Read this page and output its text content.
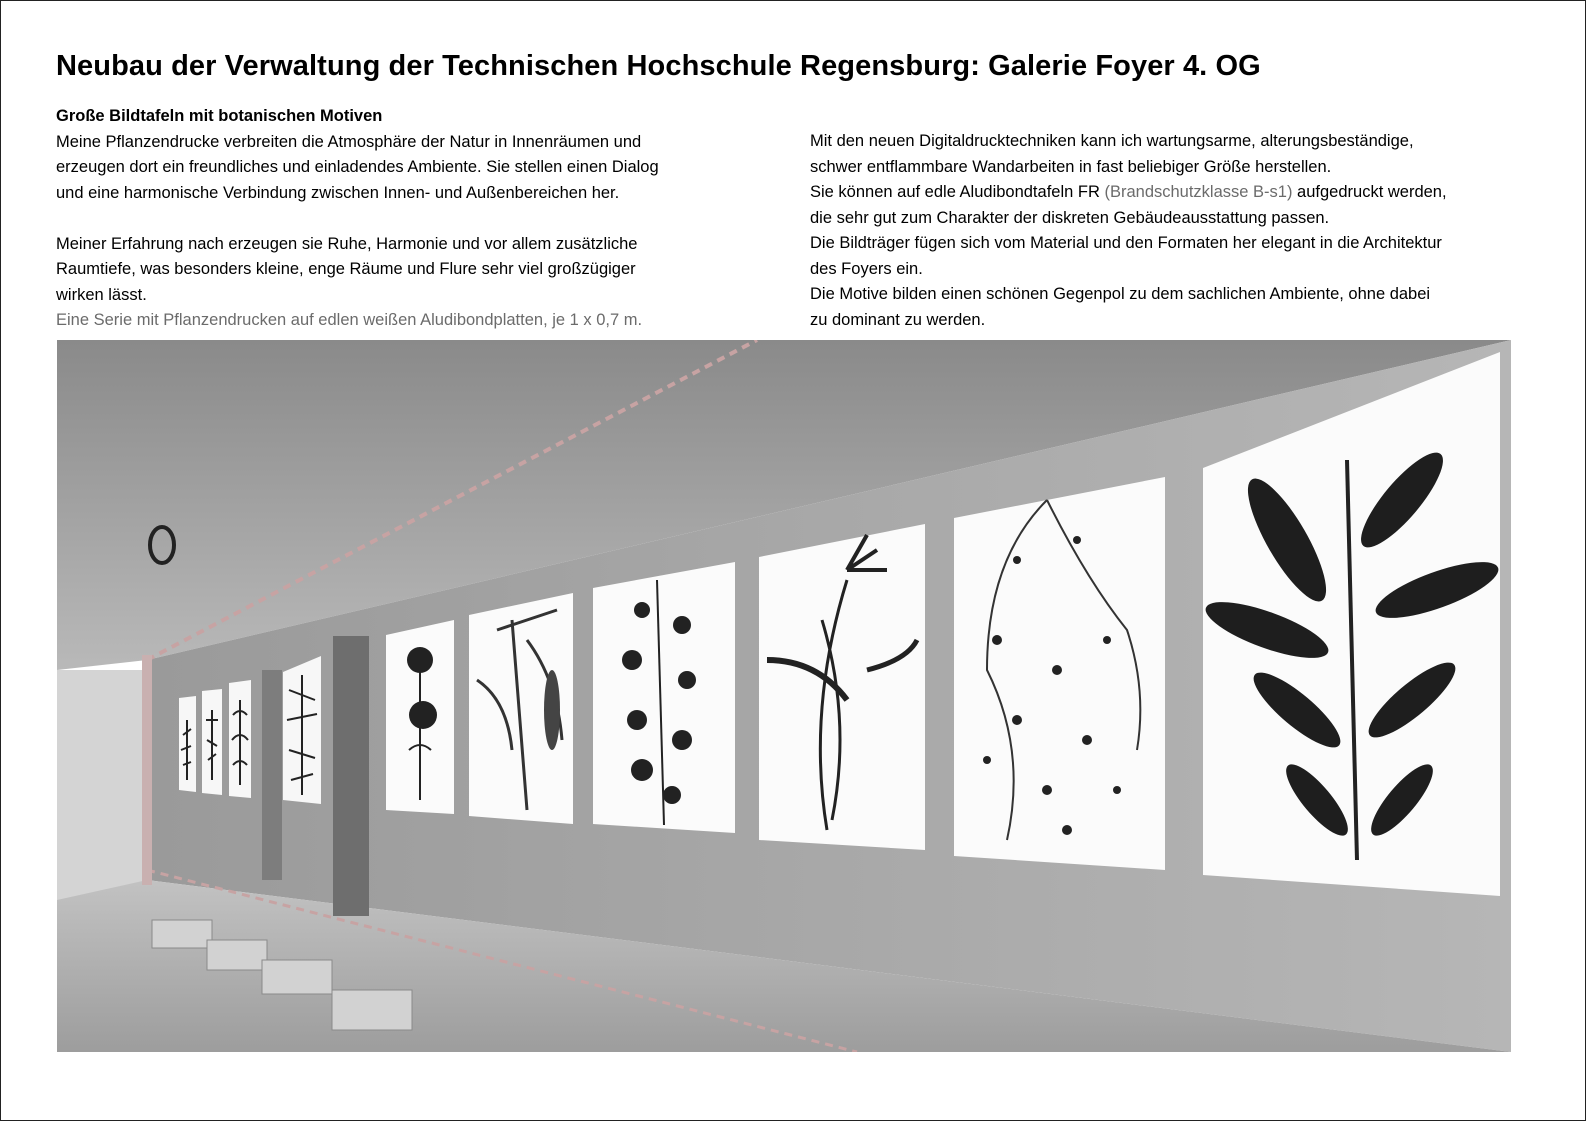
Neubau der Verwaltung der Technischen Hochschule Regensburg: Galerie Foyer 4. OG

Große Bildtafeln mit botanischen Motiven

Meine Pflanzendrucke verbreiten die Atmosphäre der Natur in Innenräumen und

erzeugen dort ein freundliches und einladendes Ambiente. Sie stellen einen Dialog

und eine harmonische Verbindung zwischen Innen- und Außenbereichen her.

Meiner Erfahrung nach erzeugen sie Ruhe, Harmonie und vor allem zusätzliche

Raumtiefe, was besonders kleine, enge Räume und Flure sehr viel großzügiger

wirken lässt.

Eine Serie mit Pflanzendrucken auf edlen weißen Aludibondplatten, je 1 x 0,7 m.

Mit den neuen Digitaldrucktechniken kann ich wartungsarme, alterungsbeständige,

schwer entflammbare Wandarbeiten in fast beliebiger Größe herstellen.

Sie können auf edle Aludibondtafeln FR (Brandschutzklasse B-s1) aufgedruckt werden,

die sehr gut zum Charakter der diskreten Gebäudeausstattung passen.

Die Bildträger fügen sich vom Material und den Formaten her elegant in die Architektur

des Foyers ein.

Die Motive bilden einen schönen Gegenpol zu dem sachlichen Ambiente, ohne dabei

zu dominant zu werden.
